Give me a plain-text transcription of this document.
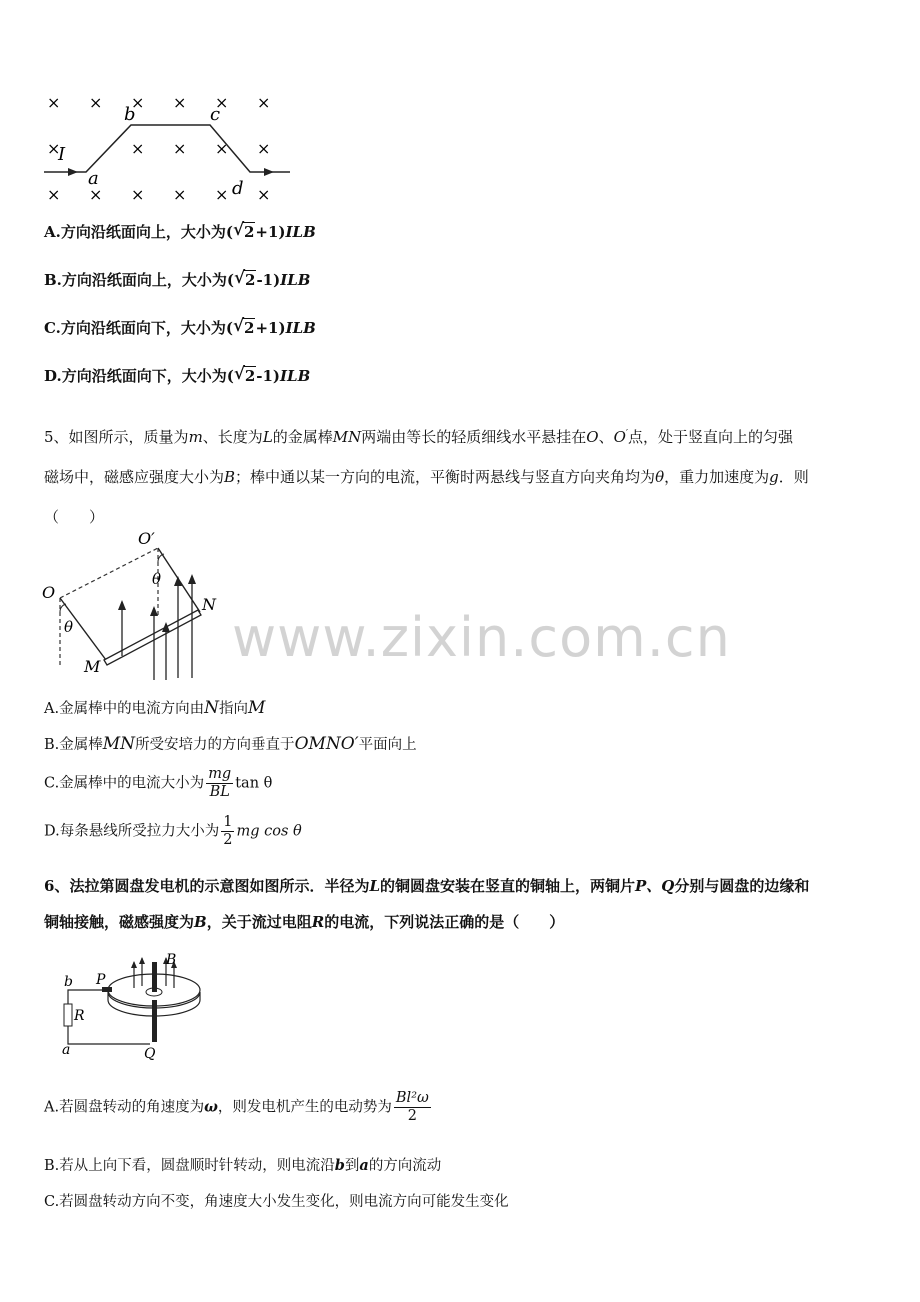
× × × × × ×
×	× × × ×
× × × × × ×
I
a
b	c
d
A.方向沿纸面向上，大小为( √ 2+1)ILB
B.方向沿纸面向上，大小为( √ 2-1)ILB
C.方向沿纸面向下，大小为( √ 2+1)ILB
D.方向沿纸面向下，大小为( √ 2-1)ILB
5、如图所示，质量为m、长度为L的金属棒MN两端由等长的轻质细线水平悬挂在O、O′点，处于竖直向上的匀强
磁场中，磁感应强度大小为B；棒中通以某一方向的电流，平衡时两悬线与竖直方向夹角均为θ，重力加速度为g．则
（　　）
O
O′
N
M
θ
θ
www.zixin.com.cn
A.金属棒中的电流方向由N指向M
B.金属棒MN所受安培力的方向垂直于OMNO′平面向上
C.金属棒中的电流大小为 $\frac{mg}{BL}$ tan θ
D.每条悬线所受拉力大小为 $\frac{1}{2}$ mg cos θ
6、法拉第圆盘发电机的示意图如图所示．半径为L的铜圆盘安装在竖直的铜轴上，两铜片P、Q分别与圆盘的边缘和
铜轴接触，磁感强度为B，关于流过电阻R的电流，下列说法正确的是（　　）
b P
B
R
a	Q
A.若圆盘转动的角速度为ω，则发电机产生的电动势为 $\frac{\text{Bl²ω}}{2}$
B.若从上向下看，圆盘顺时针转动，则电流沿b到a的方向流动
C.若圆盘转动方向不变，角速度大小发生变化，则电流方向可能发生变化
